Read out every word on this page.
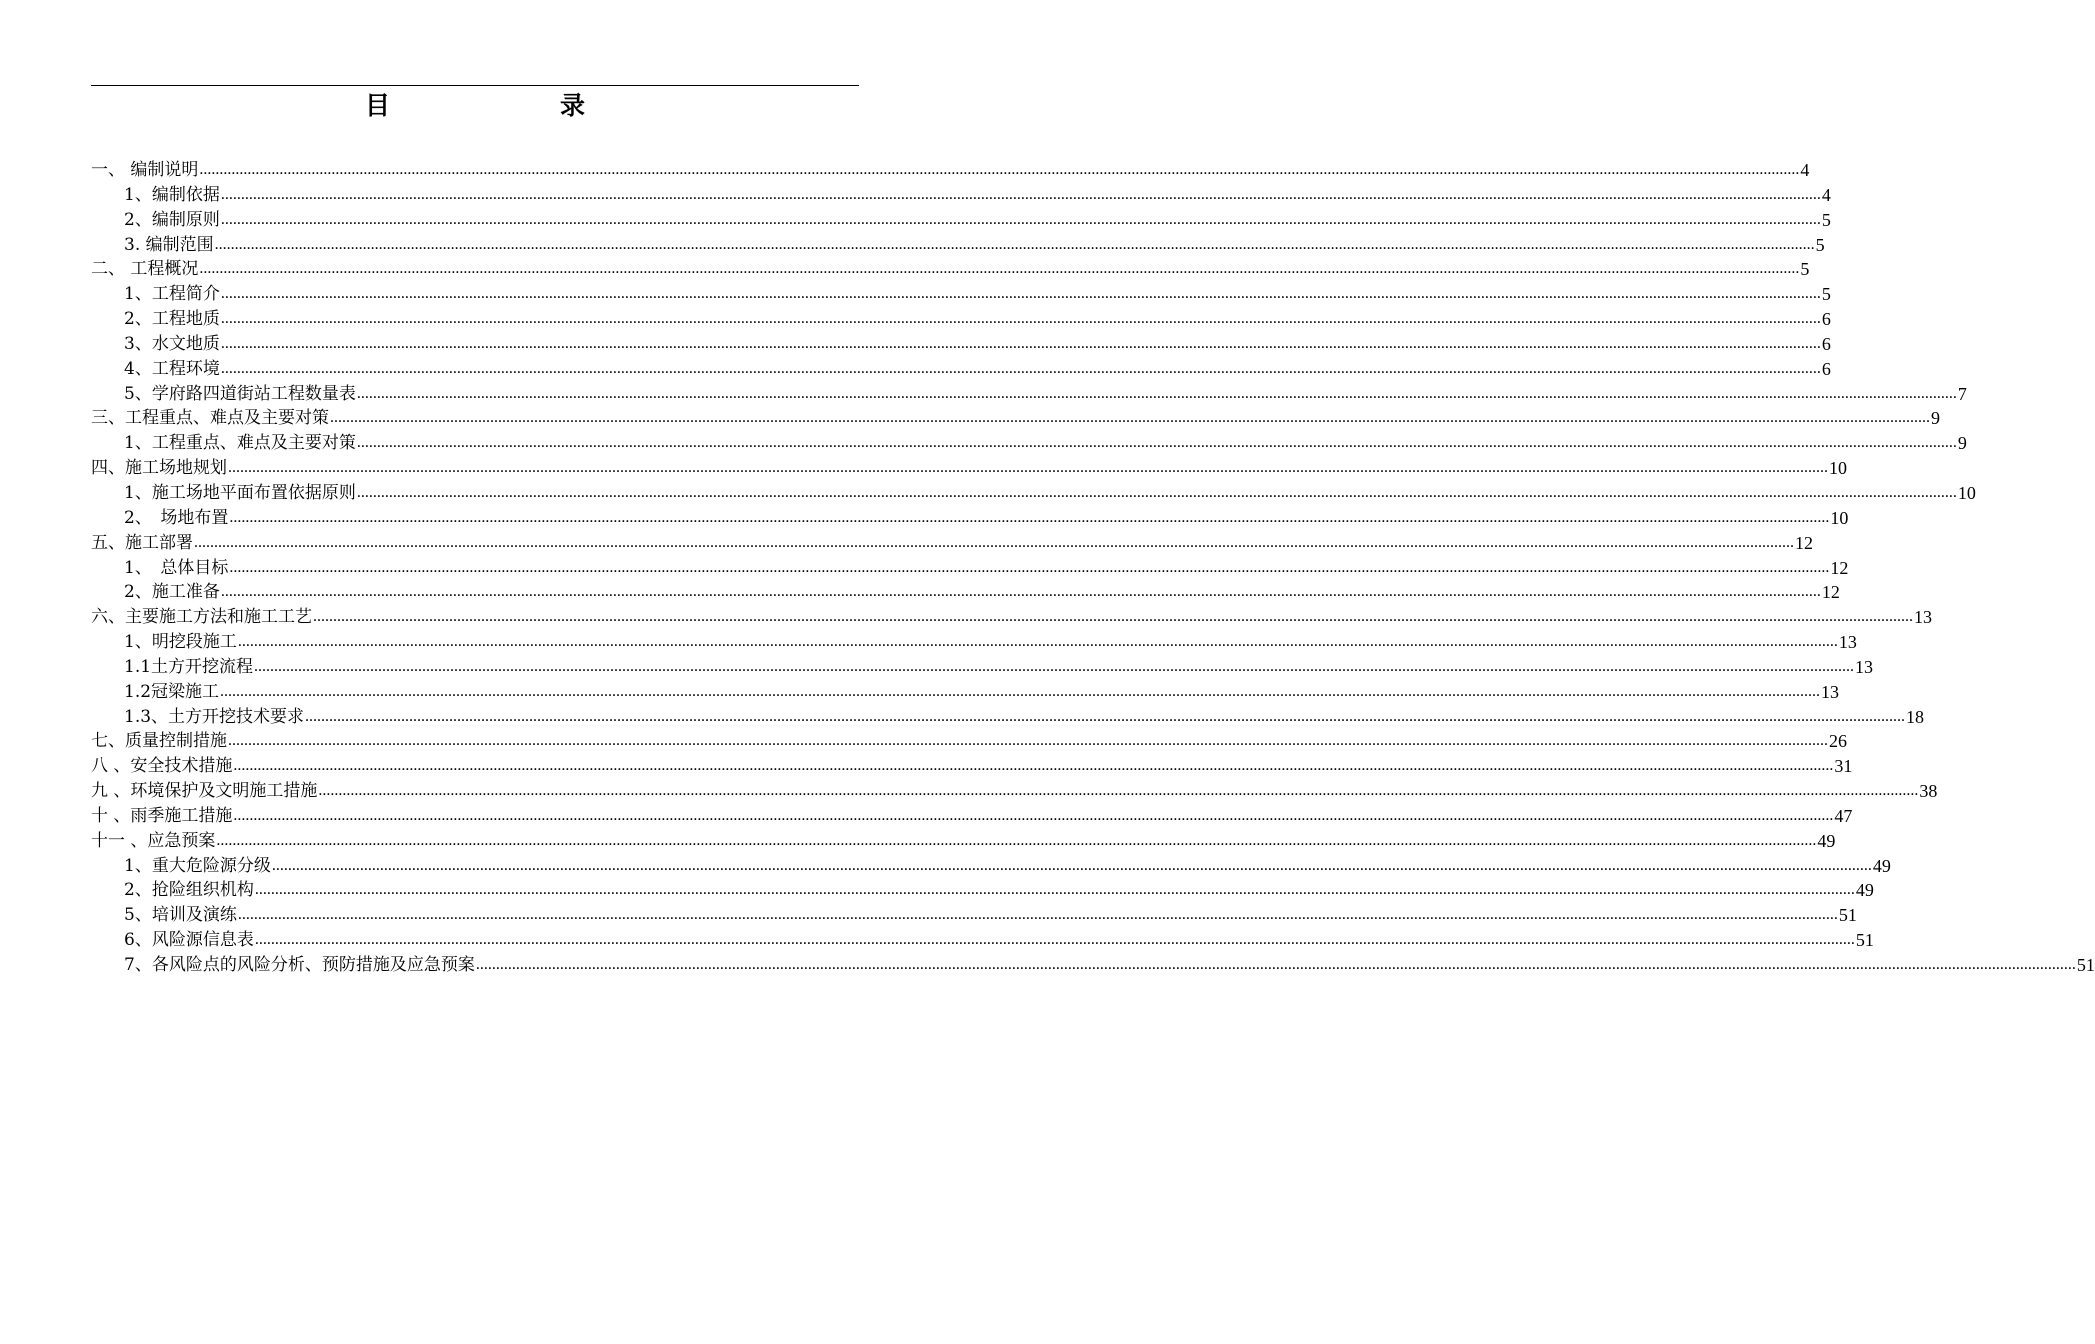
目　　录
一、 编制说明 ................................................................................................................................................................................................................................................................................................................................................................................................................ 4
1、编制依据 ................................................................................................................................................................................................................................................................................................................................................................................................................ 4
2、编制原则 ................................................................................................................................................................................................................................................................................................................................................................................................................ 5
3. 编制范围 ................................................................................................................................................................................................................................................................................................................................................................................................................ 5
二、 工程概况 ................................................................................................................................................................................................................................................................................................................................................................................................................ 5
1、工程简介 ................................................................................................................................................................................................................................................................................................................................................................................................................ 5
2、工程地质 ................................................................................................................................................................................................................................................................................................................................................................................................................ 6
3、水文地质 ................................................................................................................................................................................................................................................................................................................................................................................................................ 6
4、工程环境 ................................................................................................................................................................................................................................................................................................................................................................................................................ 6
5、学府路四道街站工程数量表 ................................................................................................................................................................................................................................................................................................................................................................................................................ 7
三、工程重点、难点及主要对策 ................................................................................................................................................................................................................................................................................................................................................................................................................ 9
1、工程重点、难点及主要对策 ................................................................................................................................................................................................................................................................................................................................................................................................................ 9
四、施工场地规划 ................................................................................................................................................................................................................................................................................................................................................................................................................ 10
1、施工场地平面布置依据原则 ................................................................................................................................................................................................................................................................................................................................................................................................................ 10
2、　场地布置 ................................................................................................................................................................................................................................................................................................................................................................................................................ 10
五、施工部署 ................................................................................................................................................................................................................................................................................................................................................................................................................ 12
1、　总体目标 ................................................................................................................................................................................................................................................................................................................................................................................................................ 12
2、施工准备 ................................................................................................................................................................................................................................................................................................................................................................................................................ 12
六、主要施工方法和施工工艺 ................................................................................................................................................................................................................................................................................................................................................................................................................ 13
1、明挖段施工 ................................................................................................................................................................................................................................................................................................................................................................................................................ 13
1.1土方开挖流程 ................................................................................................................................................................................................................................................................................................................................................................................................................ 13
1.2冠梁施工 ................................................................................................................................................................................................................................................................................................................................................................................................................ 13
1.3、土方开挖技术要求 ................................................................................................................................................................................................................................................................................................................................................................................................................ 18
七、质量控制措施 ................................................................................................................................................................................................................................................................................................................................................................................................................ 26
八 、安全技术措施 ................................................................................................................................................................................................................................................................................................................................................................................................................ 31
九 、环境保护及文明施工措施 ................................................................................................................................................................................................................................................................................................................................................................................................................ 38
十 、雨季施工措施 ................................................................................................................................................................................................................................................................................................................................................................................................................ 47
十一 、应急预案 ................................................................................................................................................................................................................................................................................................................................................................................................................ 49
1、重大危险源分级 ................................................................................................................................................................................................................................................................................................................................................................................................................ 49
2、抢险组织机构 ................................................................................................................................................................................................................................................................................................................................................................................................................ 49
5、培训及演练 ................................................................................................................................................................................................................................................................................................................................................................................................................ 51
6、风险源信息表 ................................................................................................................................................................................................................................................................................................................................................................................................................ 51
7、各风险点的风险分析、预防措施及应急预案 ................................................................................................................................................................................................................................................................................................................................................................................................................ 51
